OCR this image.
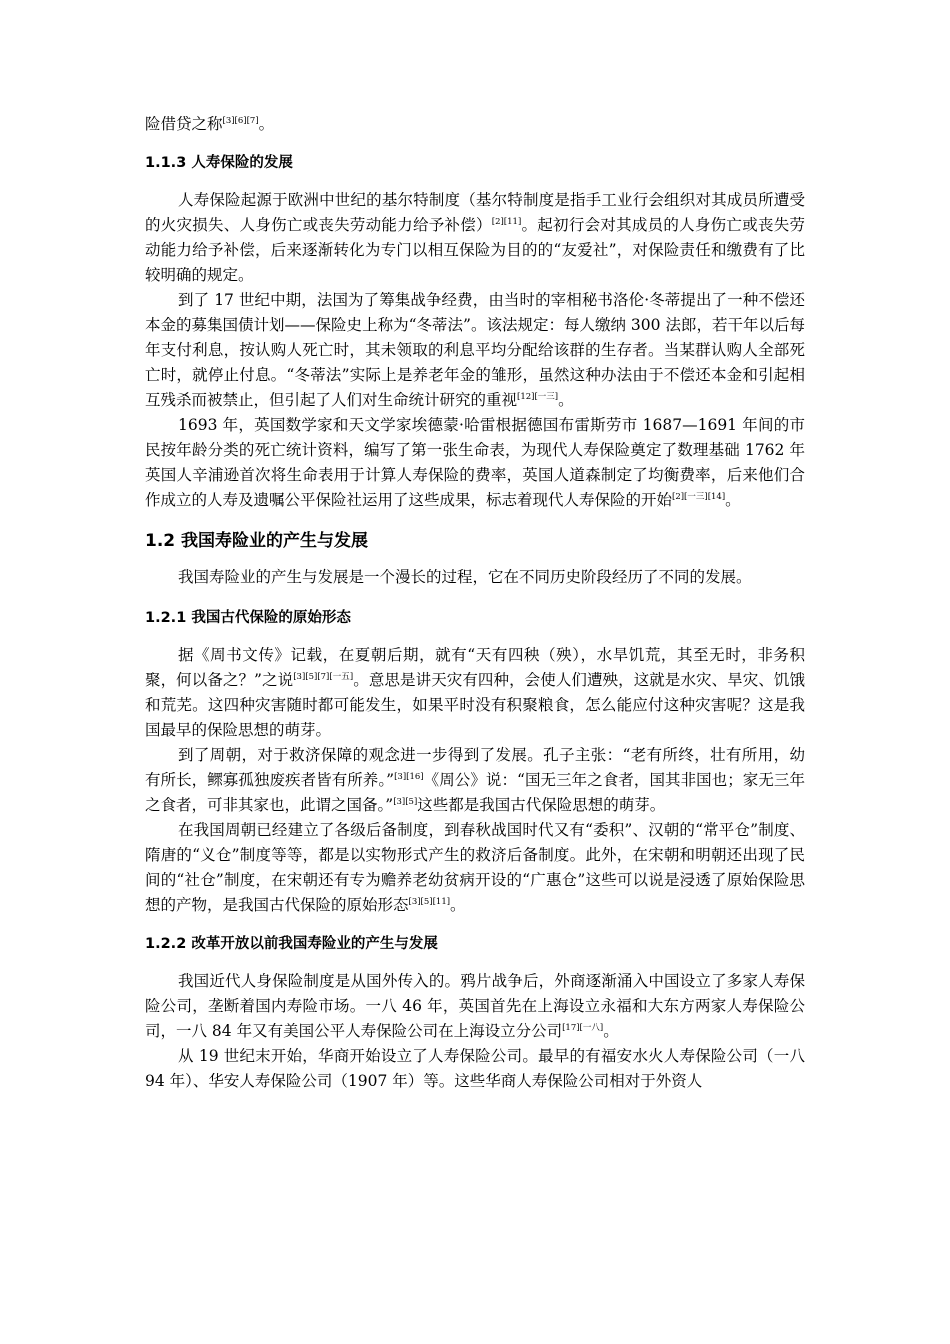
险借贷之称[3][6][7]。

1.1.3 人寿保险的发展

人寿保险起源于欧洲中世纪的基尔特制度（基尔特制度是指手工业行会组织对其成员所遭受的火灾损失、人身伤亡或丧失劳动能力给予补偿）[2][11]。起初行会对其成员的人身伤亡或丧失劳动能力给予补偿，后来逐渐转化为专门以相互保险为目的的“友爱社”，对保险责任和缴费有了比较明确的规定。

到了 17 世纪中期，法国为了筹集战争经费，由当时的宰相秘书洛伦·冬蒂提出了一种不偿还本金的募集国债计划——保险史上称为“冬蒂法”。该法规定：每人缴纳 300 法郎，若干年以后每年支付利息，按认购人死亡时，其未领取的利息平均分配给该群的生存者。当某群认购人全部死亡时，就停止付息。“冬蒂法”实际上是养老年金的雏形，虽然这种办法由于不偿还本金和引起相互残杀而被禁止，但引起了人们对生命统计研究的重视[12][一三]。

1693 年，英国数学家和天文学家埃德蒙·哈雷根据德国布雷斯劳市 1687—1691 年间的市民按年龄分类的死亡统计资料，编写了第一张生命表，为现代人寿保险奠定了数理基础 1762 年英国人辛浦逊首次将生命表用于计算人寿保险的费率，英国人道森制定了均衡费率，后来他们合作成立的人寿及遗嘱公平保险社运用了这些成果，标志着现代人寿保险的开始$_{[2][一三][14]}$。

1.2 我国寿险业的产生与发展

我国寿险业的产生与发展是一个漫长的过程，它在不同历史阶段经历了不同的发展。

1.2.1 我国古代保险的原始形态

据《周书文传》记载，在夏朝后期，就有“天有四秧（殃），水旱饥荒，其至无时，非务积聚，何以备之？”之说[3][5][7][一五]。意思是讲天灾有四种，会使人们遭殃，这就是水灾、旱灾、饥饿和荒芜。这四种灾害随时都可能发生，如果平时没有积聚粮食，怎么能应付这种灾害呢？这是我国最早的保险思想的萌芽。

到了周朝，对于救济保障的观念进一步得到了发展。孔子主张：“老有所终，壮有所用，幼有所长，鳏寡孤独废疾者皆有所养。”[3][16]《周公》说：“国无三年之食者，国其非国也；家无三年之食者，可非其家也，此谓之国备。”[3][5]这些都是我国古代保险思想的萌芽。

在我国周朝已经建立了各级后备制度，到春秋战国时代又有“委积”、汉朝的“常平仓”制度、隋唐的“义仓”制度等等，都是以实物形式产生的救济后备制度。此外，在宋朝和明朝还出现了民间的“社仓”制度，在宋朝还有专为赡养老幼贫病开设的“广惠仓”这些可以说是浸透了原始保险思想的产物，是我国古代保险的原始形态[3][5][11]。

1.2.2 改革开放以前我国寿险业的产生与发展

我国近代人身保险制度是从国外传入的。鸦片战争后，外商逐渐涌入中国设立了多家人寿保险公司，垄断着国内寿险市场。一八 46 年，英国首先在上海设立永福和大东方两家人寿保险公司，一八 84 年又有美国公平人寿保险公司在上海设立分公司[17][一八]。

从 19 世纪末开始，华商开始设立了人寿保险公司。最早的有福安水火人寿保险公司（一八 94 年）、华安人寿保险公司（1907 年）等。这些华商人寿保险公司相对于外资人
